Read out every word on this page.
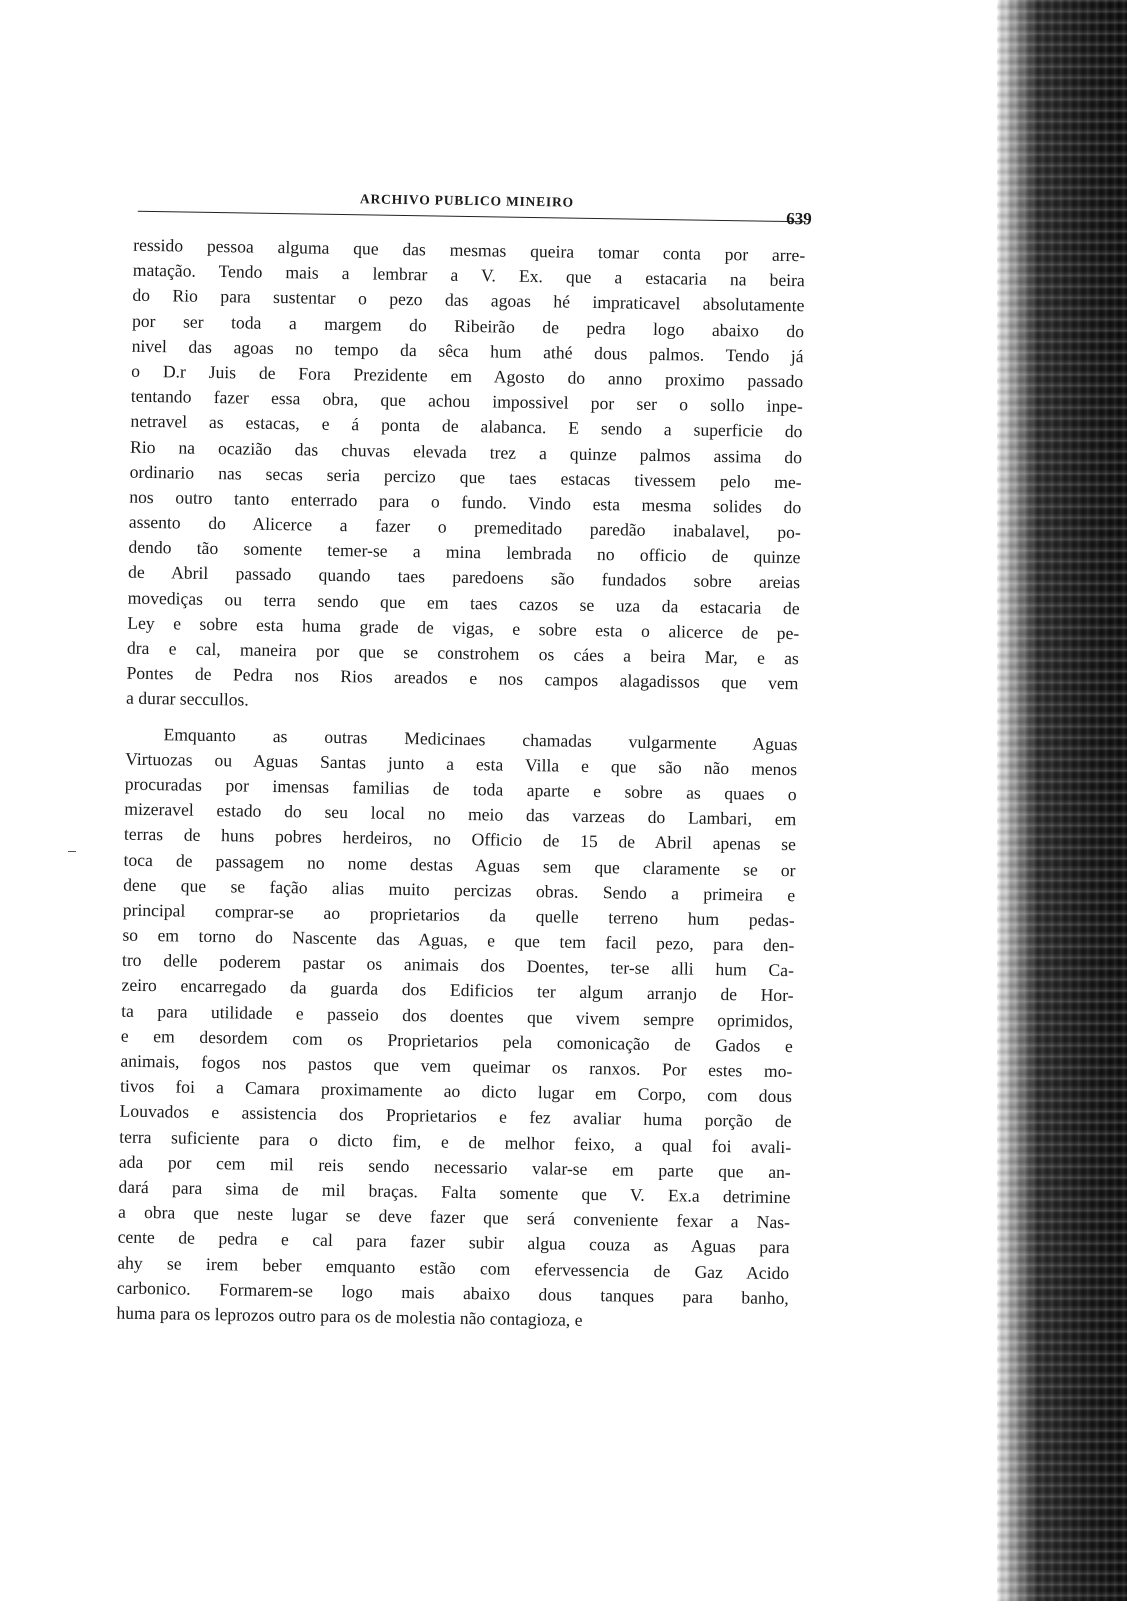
ARCHIVO PUBLICO MINEIRO
639
ressido pessoa alguma que das mesmas queira tomar conta por arre-
matação. Tendo mais a lembrar a V. Ex. que a estacaria na beira
do Rio para sustentar o pezo das agoas hé impraticavel absolutamente
por ser toda a margem do Ribeirão de pedra logo abaixo do
nivel das agoas no tempo da sêca hum athé dous palmos. Tendo já
o D.r Juis de Fora Prezidente em Agosto do anno proximo passado
tentando fazer essa obra, que achou impossivel por ser o sollo inpe-
netravel as estacas, e á ponta de alabanca. E sendo a superficie do
Rio na ocazião das chuvas elevada trez a quinze palmos assima do
ordinario nas secas seria percizo que taes estacas tivessem pelo me-
nos outro tanto enterrado para o fundo. Vindo esta mesma solides do
assento do Alicerce a fazer o premeditado paredão inabalavel, po-
dendo tão somente temer-se a mina lembrada no officio de quinze
de Abril passado quando taes paredoens são fundados sobre areias
movediças ou terra sendo que em taes cazos se uza da estacaria de
Ley e sobre esta huma grade de vigas, e sobre esta o alicerce de pe-
dra e cal, maneira por que se constrohem os cáes a beira Mar, e as
Pontes de Pedra nos Rios areados e nos campos alagadissos que vem
a durar seccullos.
Emquanto as outras Medicinaes chamadas vulgarmente Aguas
Virtuozas ou Aguas Santas junto a esta Villa e que são não menos
procuradas por imensas familias de toda aparte e sobre as quaes o
mizeravel estado do seu local no meio das varzeas do Lambari, em
terras de huns pobres herdeiros, no Officio de 15 de Abril apenas se
toca de passagem no nome destas Aguas sem que claramente se or
dene que se fação alias muito percizas obras. Sendo a primeira e
principal comprar-se ao proprietarios da quelle terreno hum pedas-
so em torno do Nascente das Aguas, e que tem facil pezo, para den-
tro delle poderem pastar os animais dos Doentes, ter-se alli hum Ca-
zeiro encarregado da guarda dos Edificios ter algum arranjo de Hor-
ta para utilidade e passeio dos doentes que vivem sempre oprimidos,
e em desordem com os Proprietarios pela comonicação de Gados e
animais, fogos nos pastos que vem queimar os ranxos. Por estes mo-
tivos foi a Camara proximamente ao dicto lugar em Corpo, com dous
Louvados e assistencia dos Proprietarios e fez avaliar huma porção de
terra suficiente para o dicto fim, e de melhor feixo, a qual foi avali-
ada por cem mil reis sendo necessario valar-se em parte que an-
dará para sima de mil braças. Falta somente que V. Ex.a detrimine
a obra que neste lugar se deve fazer que será conveniente fexar a Nas-
cente de pedra e cal para fazer subir algua couza as Aguas para
ahy se irem beber emquanto estão com efervessencia de Gaz Acido
carbonico. Formarem-se logo mais abaixo dous tanques para banho,
huma para os leprozos outro para os de molestia não contagioza, e
